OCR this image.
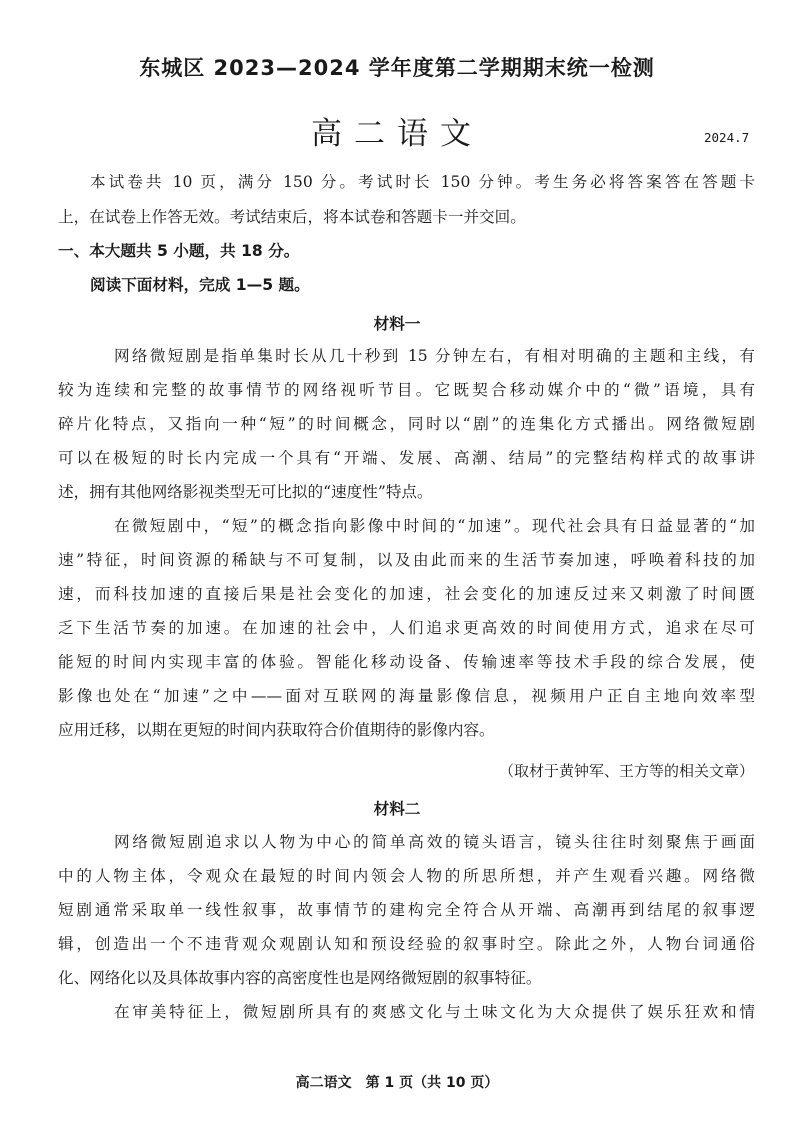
东城区 2023—2024 学年度第二学期期末统一检测
高二语文	2024.7
本试卷共 10 页，满分 150 分。考试时长 150 分钟。考生务必将答案答在答题卡
上，在试卷上作答无效。考试结束后，将本试卷和答题卡一并交回。
一、本大题共 5 小题，共 18 分。
阅读下面材料，完成 1—5 题。
材料一
网络微短剧是指单集时长从几十秒到 15 分钟左右，有相对明确的主题和主线，有
较为连续和完整的故事情节的网络视听节目。它既契合移动媒介中的“微”语境，具有
碎片化特点，又指向一种“短”的时间概念，同时以“剧”的连集化方式播出。网络微短剧
可以在极短的时长内完成一个具有“开端、发展、高潮、结局”的完整结构样式的故事讲
述，拥有其他网络影视类型无可比拟的“速度性”特点。
在微短剧中，“短”的概念指向影像中时间的“加速”。现代社会具有日益显著的“加
速”特征，时间资源的稀缺与不可复制，以及由此而来的生活节奏加速，呼唤着科技的加
速，而科技加速的直接后果是社会变化的加速，社会变化的加速反过来又刺激了时间匮
乏下生活节奏的加速。在加速的社会中，人们追求更高效的时间使用方式，追求在尽可
能短的时间内实现丰富的体验。智能化移动设备、传输速率等技术手段的综合发展，使
影像也处在“加速”之中——面对互联网的海量影像信息，视频用户正自主地向效率型
应用迁移，以期在更短的时间内获取符合价值期待的影像内容。
（取材于黄钟军、王方等的相关文章）
材料二
网络微短剧追求以人物为中心的简单高效的镜头语言，镜头往往时刻聚焦于画面
中的人物主体，令观众在最短的时间内领会人物的所思所想，并产生观看兴趣。网络微
短剧通常采取单一线性叙事，故事情节的建构完全符合从开端、高潮再到结尾的叙事逻
辑，创造出一个不违背观众观剧认知和预设经验的叙事时空。除此之外，人物台词通俗
化、网络化以及具体故事内容的高密度性也是网络微短剧的叙事特征。
在审美特征上，微短剧所具有的爽感文化与土味文化为大众提供了娱乐狂欢和情
高二语文　第 1 页（共 10 页）
